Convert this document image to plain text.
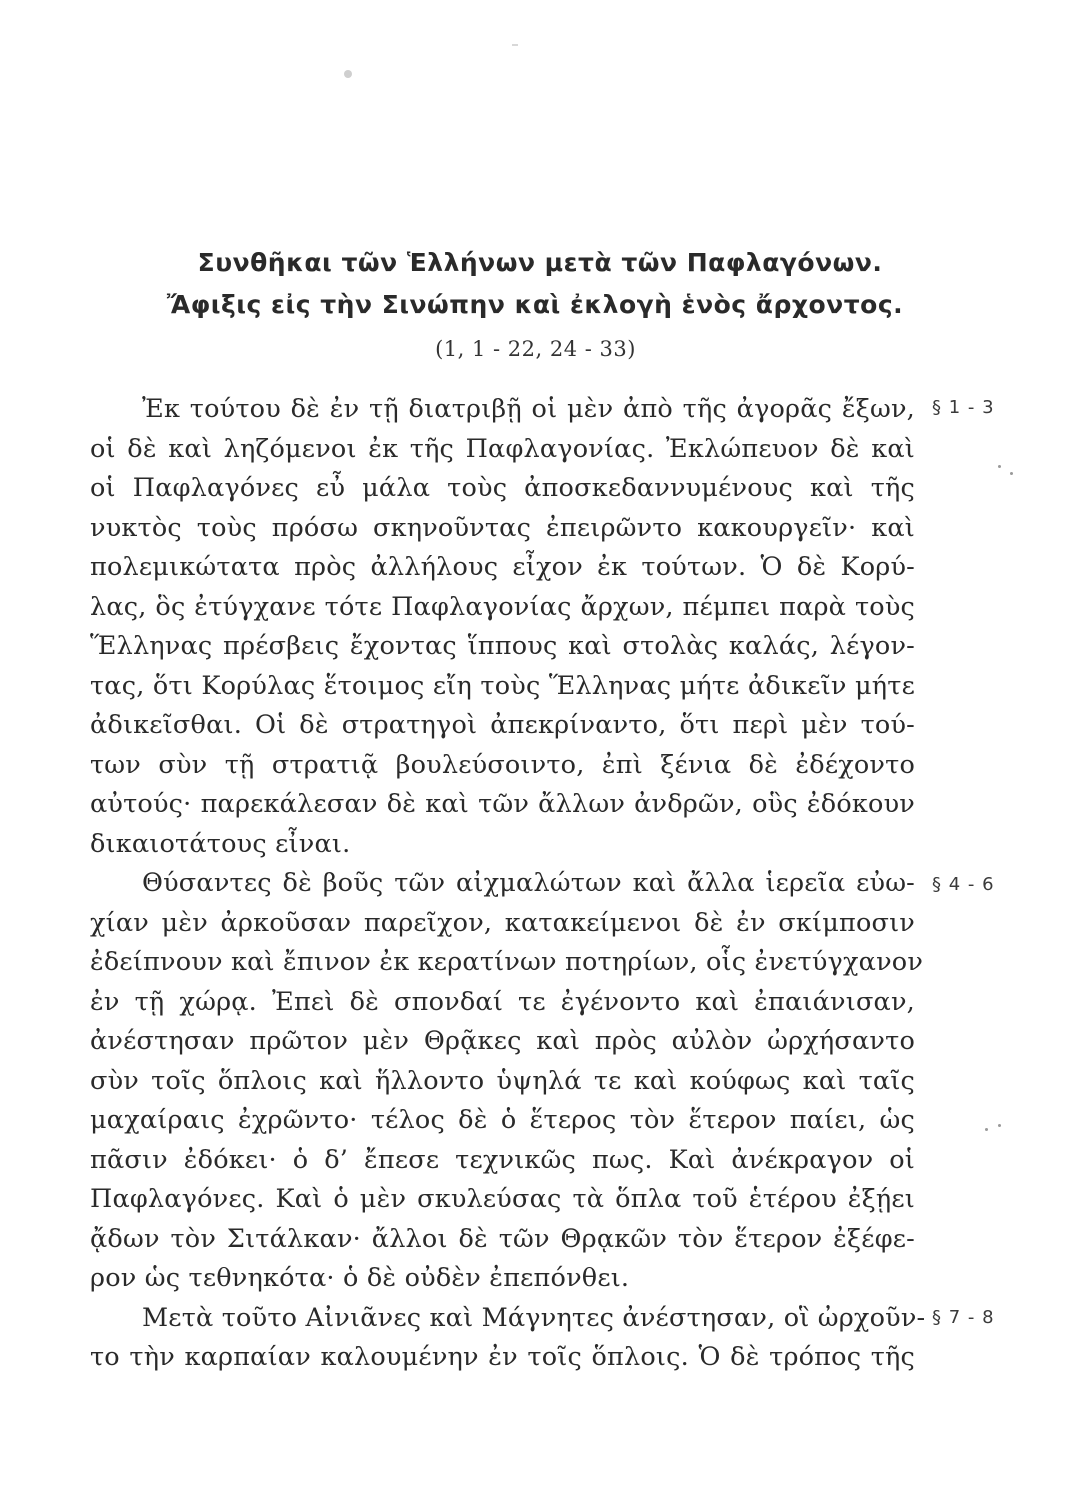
Συνθῆκαι τῶν Ἑλλήνων μετὰ τῶν Παφλαγόνων.
Ἄφιξις εἰς τὴν Σινώπην καὶ ἐκλογὴ ἑνὸς ἄρχοντος.
(1, 1 - 22, 24 - 33)
Ἐκ τούτου δὲ ἐν τῇ διατριβῇ οἱ μὲν ἀπὸ τῆς ἀγορᾶς ἔξων,
οἱ δὲ καὶ ληζόμενοι ἐκ τῆς Παφλαγονίας. Ἐκλώπευον δὲ καὶ
οἱ Παφλαγόνες εὖ μάλα τοὺς ἀποσκεδαννυμένους καὶ τῆς
νυκτὸς τοὺς πρόσω σκηνοῦντας ἐπειρῶντο κακουργεῖν· καὶ
πολεμικώτατα πρὸς ἀλλήλους εἶχον ἐκ τούτων. Ὁ δὲ Κορύ-
λας, ὃς ἐτύγχανε τότε Παφλαγονίας ἄρχων, πέμπει παρὰ τοὺς
Ἕλληνας πρέσβεις ἔχοντας ἵππους καὶ στολὰς καλάς, λέγον-
τας, ὅτι Κορύλας ἕτοιμος εἴη τοὺς Ἕλληνας μήτε ἀδικεῖν μήτε
ἀδικεῖσθαι. Οἱ δὲ στρατηγοὶ ἀπεκρίναντο, ὅτι περὶ μὲν τού-
των σὺν τῇ στρατιᾷ βουλεύσοιντο, ἐπὶ ξένια δὲ ἐδέχοντο
αὐτούς· παρεκάλεσαν δὲ καὶ τῶν ἄλλων ἀνδρῶν, οὓς ἐδόκουν
δικαιοτάτους εἶναι.
Θύσαντες δὲ βοῦς τῶν αἰχμαλώτων καὶ ἄλλα ἱερεῖα εὐω-
χίαν μὲν ἀρκοῦσαν παρεῖχον, κατακείμενοι δὲ ἐν σκίμποσιν
ἐδείπνουν καὶ ἔπινον ἐκ κερατίνων ποτηρίων, οἷς ἐνετύγχανον
ἐν τῇ χώρᾳ. Ἐπεὶ δὲ σπονδαί τε ἐγένοντο καὶ ἐπαιάνισαν,
ἀνέστησαν πρῶτον μὲν Θρᾷκες καὶ πρὸς αὐλὸν ὠρχήσαντο
σὺν τοῖς ὅπλοις καὶ ἥλλοντο ὑψηλά τε καὶ κούφως καὶ ταῖς
μαχαίραις ἐχρῶντο· τέλος δὲ ὁ ἕτερος τὸν ἕτερον παίει, ὡς
πᾶσιν ἐδόκει· ὁ δ’ ἔπεσε τεχνικῶς πως. Καὶ ἀνέκραγον οἱ
Παφλαγόνες. Καὶ ὁ μὲν σκυλεύσας τὰ ὅπλα τοῦ ἑτέρου ἐξῄει
ᾄδων τὸν Σιτάλκαν· ἄλλοι δὲ τῶν Θρᾳκῶν τὸν ἕτερον ἐξέφε-
ρον ὡς τεθνηκότα· ὁ δὲ οὐδὲν ἐπεπόνθει.
Μετὰ τοῦτο Αἰνιᾶνες καὶ Μάγνητες ἀνέστησαν, οἳ ὠρχοῦν-
το τὴν καρπαίαν καλουμένην ἐν τοῖς ὅπλοις. Ὁ δὲ τρόπος τῆς
§ 1 - 3
§ 4 - 6
§ 7 - 8
